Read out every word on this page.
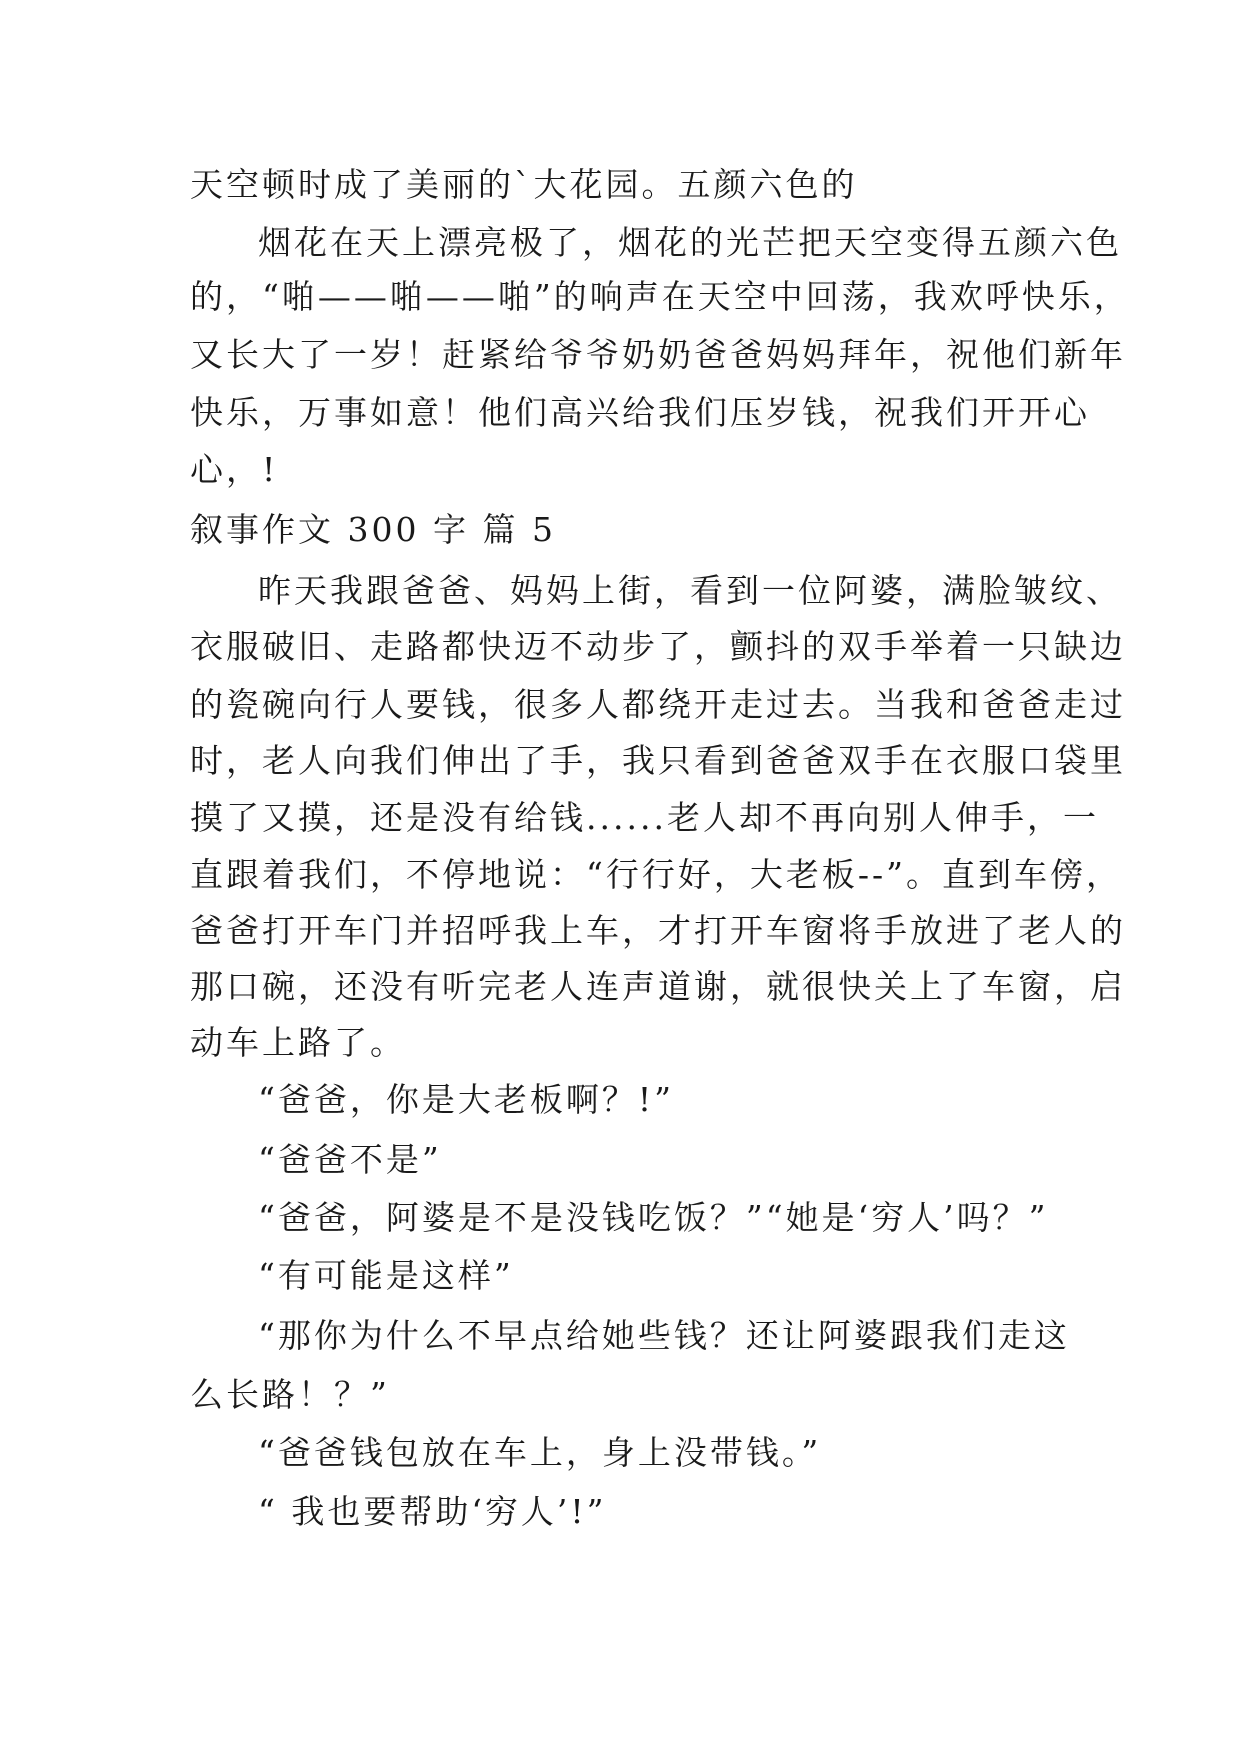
天空顿时成了美丽的`大花园。五颜六色的
烟花在天上漂亮极了，烟花的光芒把天空变得五颜六色
的，“啪——啪——啪”的响声在天空中回荡，我欢呼快乐，
又长大了一岁！赶紧给爷爷奶奶爸爸妈妈拜年，祝他们新年
快乐，万事如意！他们高兴给我们压岁钱，祝我们开开心
心，!
叙事作文 300 字 篇 5
昨天我跟爸爸、妈妈上街，看到一位阿婆，满脸皱纹、
衣服破旧、走路都快迈不动步了，颤抖的双手举着一只缺边
的瓷碗向行人要钱，很多人都绕开走过去。当我和爸爸走过
时，老人向我们伸出了手，我只看到爸爸双手在衣服口袋里
摸了又摸，还是没有给钱......老人却不再向别人伸手，一
直跟着我们，不停地说：“行行好，大老板--”。直到车傍，
爸爸打开车门并招呼我上车，才打开车窗将手放进了老人的
那口碗，还没有听完老人连声道谢，就很快关上了车窗，启
动车上路了。
“爸爸，你是大老板啊？!”
“爸爸不是”
“爸爸，阿婆是不是没钱吃饭？”“她是‘穷人’吗？”
“有可能是这样”
“那你为什么不早点给她些钱？还让阿婆跟我们走这
么长路！？”
“爸爸钱包放在车上，身上没带钱。”
“ 我也要帮助‘穷人’!”
